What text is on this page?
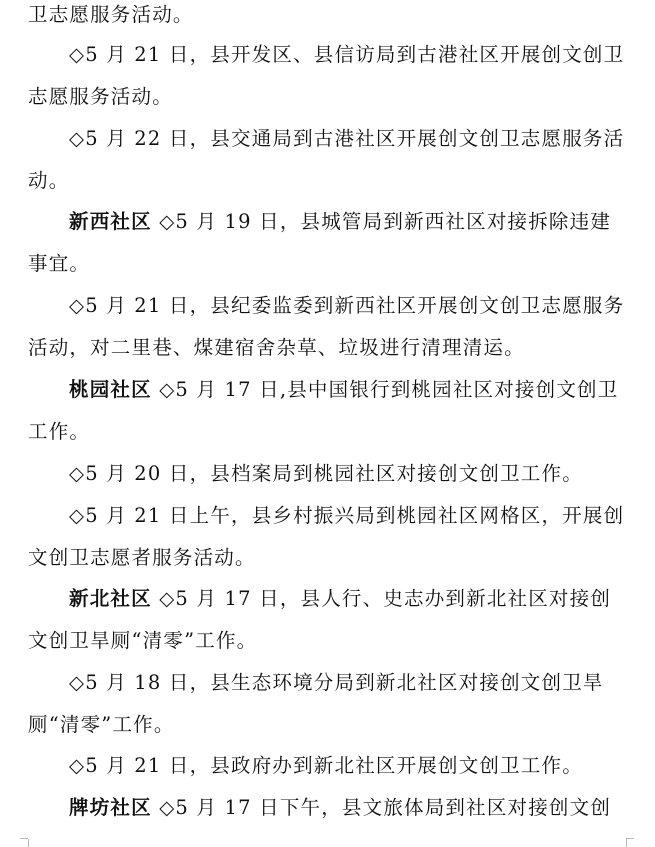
卫志愿服务活动。

◇5 月 21 日，县开发区、县信访局到古港社区开展创文创卫志愿服务活动。

◇5 月 22 日，县交通局到古港社区开展创文创卫志愿服务活动。

新西社区 ◇5 月 19 日，县城管局到新西社区对接拆除违建事宜。

◇5 月 21 日，县纪委监委到新西社区开展创文创卫志愿服务活动，对二里巷、煤建宿舍杂草、垃圾进行清理清运。

桃园社区 ◇5 月 17 日,县中国银行到桃园社区对接创文创卫工作。

◇5 月 20 日，县档案局到桃园社区对接创文创卫工作。

◇5 月 21 日上午，县乡村振兴局到桃园社区网格区，开展创文创卫志愿者服务活动。

新北社区 ◇5 月 17 日，县人行、史志办到新北社区对接创文创卫旱厕“清零”工作。

◇5 月 18 日，县生态环境分局到新北社区对接创文创卫旱厕“清零”工作。

◇5 月 21 日，县政府办到新北社区开展创文创卫工作。

牌坊社区 ◇5 月 17 日下午，县文旅体局到社区对接创文创
